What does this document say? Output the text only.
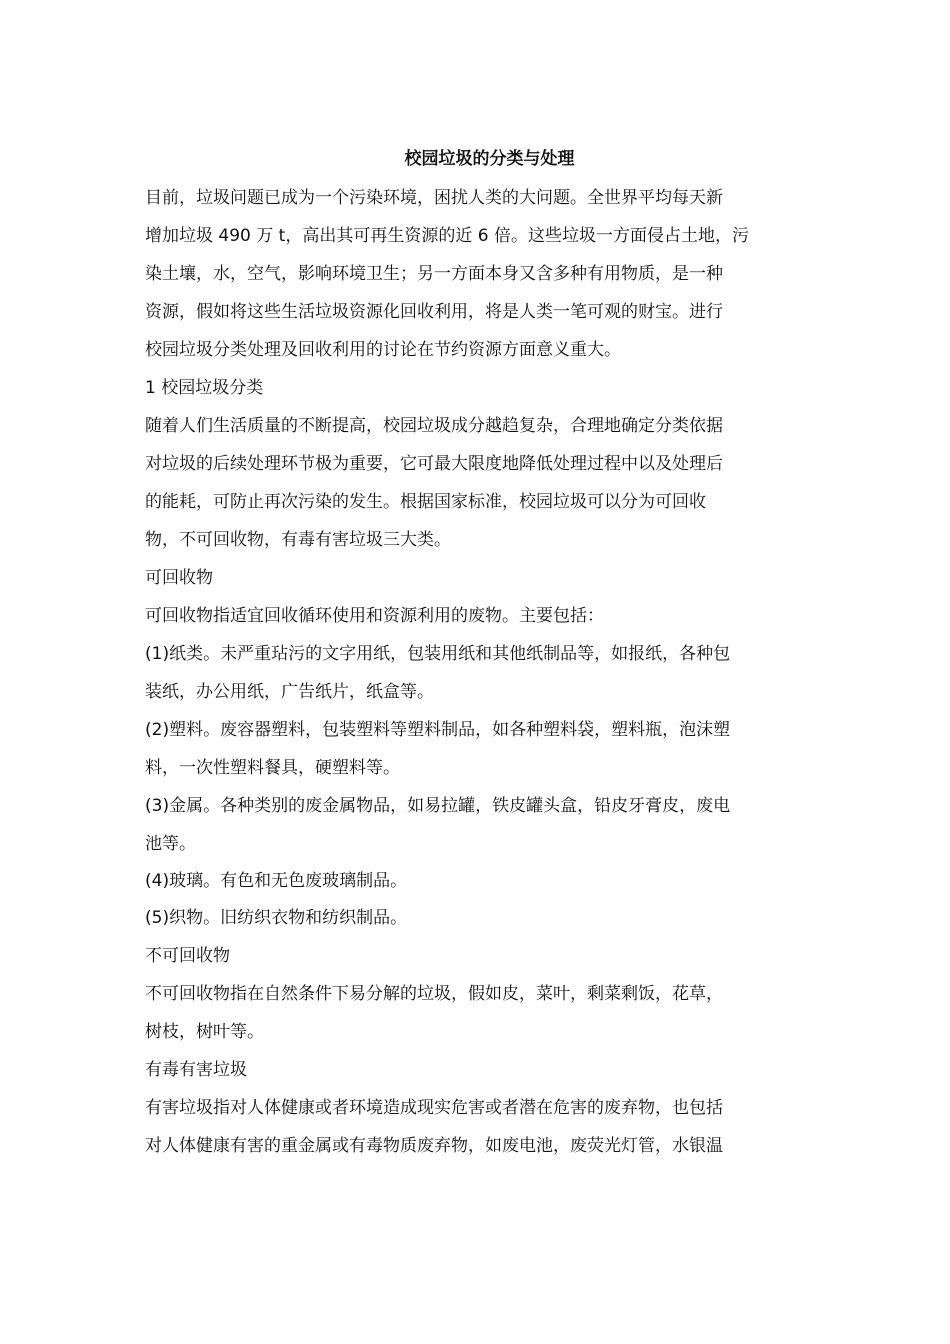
校园垃圾的分类与处理

目前，垃圾问题已成为一个污染环境，困扰人类的大问题。全世界平均每天新

增加垃圾 490 万 t，高出其可再生资源的近 6 倍。这些垃圾一方面侵占土地，污

染土壤，水，空气，影响环境卫生；另一方面本身又含多种有用物质，是一种

资源，假如将这些生活垃圾资源化回收利用，将是人类一笔可观的财宝。进行

校园垃圾分类处理及回收利用的讨论在节约资源方面意义重大。

1 校园垃圾分类

随着人们生活质量的不断提高，校园垃圾成分越趋复杂，合理地确定分类依据

对垃圾的后续处理环节极为重要，它可最大限度地降低处理过程中以及处理后

的能耗，可防止再次污染的发生。根据国家标准，校园垃圾可以分为可回收

物，不可回收物，有毒有害垃圾三大类。

可回收物

可回收物指适宜回收循环使用和资源利用的废物。主要包括：

(1)纸类。未严重玷污的文字用纸，包装用纸和其他纸制品等，如报纸，各种包

装纸，办公用纸，广告纸片，纸盒等。

(2)塑料。废容器塑料，包装塑料等塑料制品，如各种塑料袋，塑料瓶，泡沫塑

料，一次性塑料餐具，硬塑料等。

(3)金属。各种类别的废金属物品，如易拉罐，铁皮罐头盒，铅皮牙膏皮，废电

池等。

(4)玻璃。有色和无色废玻璃制品。

(5)织物。旧纺织衣物和纺织制品。

不可回收物

不可回收物指在自然条件下易分解的垃圾，假如皮，菜叶，剩菜剩饭，花草，

树枝，树叶等。

有毒有害垃圾

有害垃圾指对人体健康或者环境造成现实危害或者潜在危害的废弃物，也包括

对人体健康有害的重金属或有毒物质废弃物，如废电池，废荧光灯管，水银温
